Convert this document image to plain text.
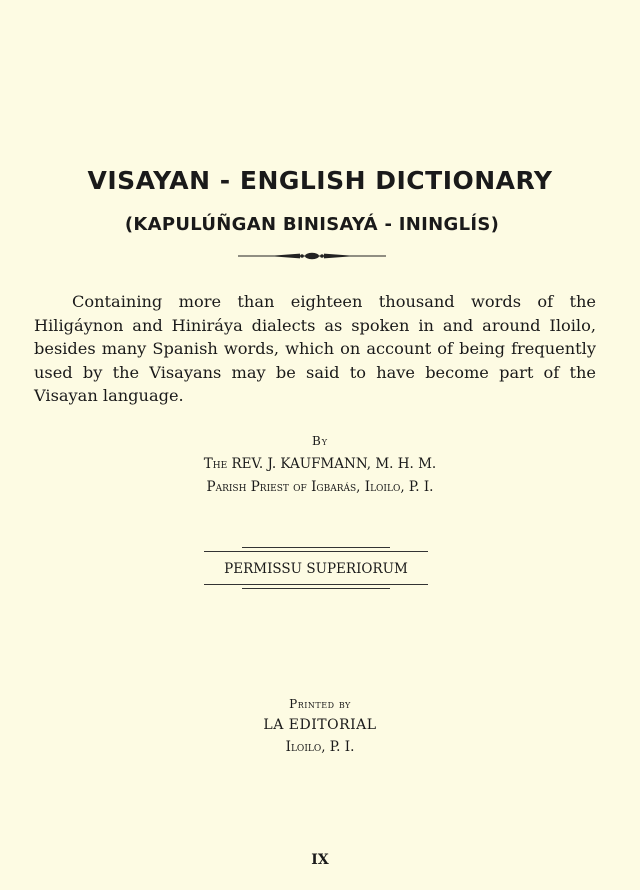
VISAYAN - ENGLISH DICTIONARY
(KAPULÚÑGAN BINISAYÁ - ININGLÍS)

Containing more than eighteen thousand words of the Hiligáynon and Hiniráya dialects as spoken in and around Iloilo, besides many Spanish words, which on account of being frequently used by the Visayans may be said to have become part of the Visayan language.

By

The REV. J. KAUFMANN, M. H. M.

Parish Priest of Igbarás, Iloilo, P. I.

PERMISSU SUPERIORUM

Printed by

LA EDITORIAL

Iloilo, P. I.

IX
